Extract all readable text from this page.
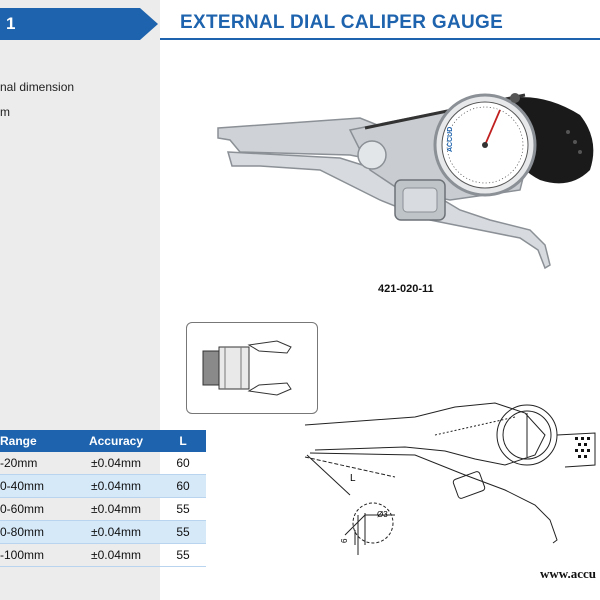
1	EXTERNAL DIAL CALIPER GAUGE
nal dimension
m
ACCUD
421-020-11
L
Ø3
6
Range	Accuracy	L
-20mm	±0.04mm	60
0-40mm	±0.04mm	60
0-60mm	±0.04mm	55
0-80mm	±0.04mm	55
-100mm	±0.04mm	55
www.accu
